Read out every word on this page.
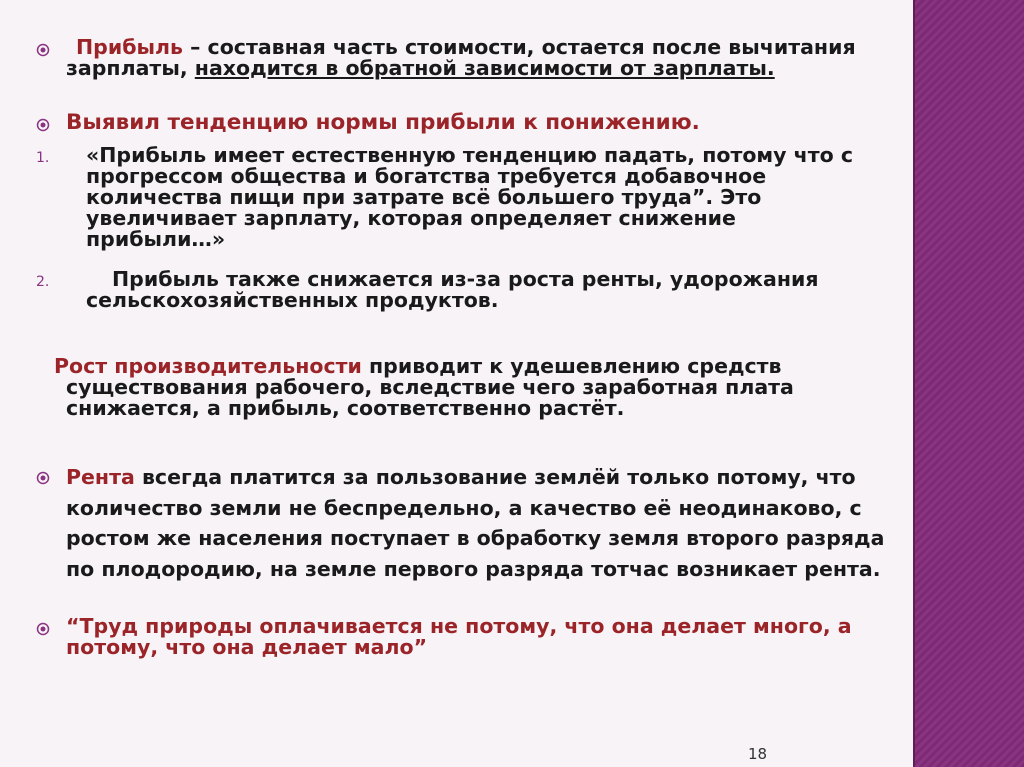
Прибыль – составная часть стоимости, остается после вычитания зарплаты, находится в обратной зависимости от зарплаты.
Выявил тенденцию нормы прибыли к понижению.
1. «Прибыль имеет естественную тенденцию падать, потому что с прогрессом общества и богатства требуется добавочное количества пищи при затрате всё большего труда”. Это увеличивает зарплату, которая определяет снижение прибыли…»
2.	Прибыль также снижается из-за роста ренты, удорожания сельскохозяйственных продуктов.
Рост производительности приводит к удешевлению средств существования рабочего, вследствие чего заработная плата снижается, а прибыль, соответственно растёт.
Рента всегда платится за пользование землёй только потому, что количество земли не беспредельно, а качество её неодинаково, с ростом же населения поступает в обработку земля второго разряда по плодородию, на земле первого разряда тотчас возникает рента.
“Труд природы оплачивается не потому, что она делает много, а потому, что она делает мало”
18
